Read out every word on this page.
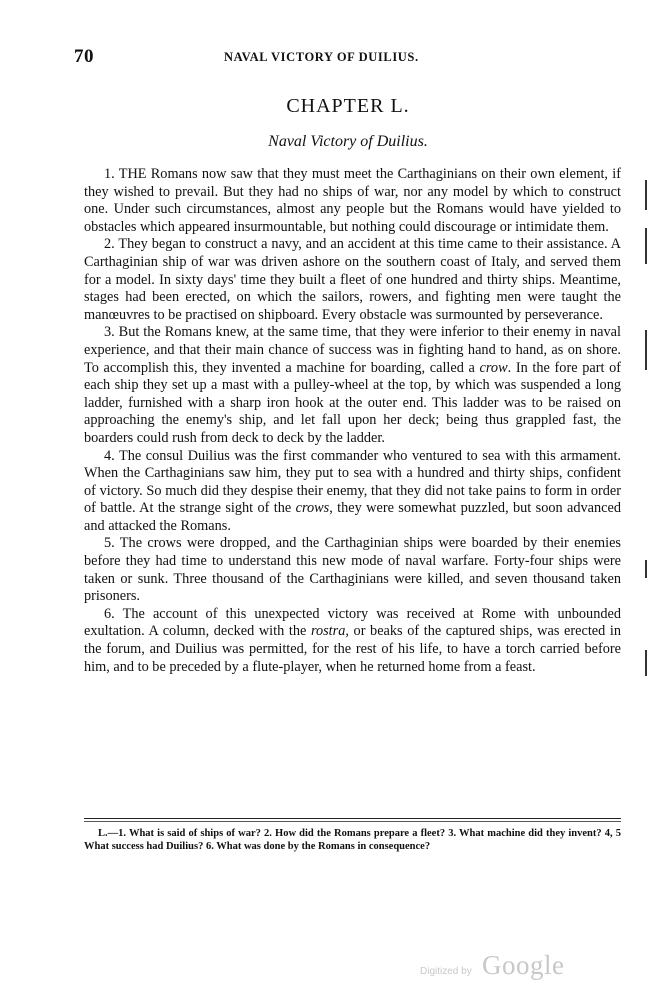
70	NAVAL VICTORY OF DUILIUS.
CHAPTER L.
Naval Victory of Duilius.

1. THE Romans now saw that they must meet the Carthaginians on their own element, if they wished to prevail. But they had no ships of war, nor any model by which to construct one. Under such circumstances, almost any people but the Romans would have yielded to obstacles which appeared insurmountable, but nothing could discourage or intimidate them.

2. They began to construct a navy, and an accident at this time came to their assistance. A Carthaginian ship of war was driven ashore on the southern coast of Italy, and served them for a model. In sixty days' time they built a fleet of one hundred and thirty ships. Meantime, stages had been erected, on which the sailors, rowers, and fighting men were taught the manœuvres to be practised on shipboard. Every obstacle was surmounted by perseverance.

3. But the Romans knew, at the same time, that they were inferior to their enemy in naval experience, and that their main chance of success was in fighting hand to hand, as on shore. To accomplish this, they invented a machine for boarding, called a crow. In the fore part of each ship they set up a mast with a pulley-wheel at the top, by which was suspended a long ladder, furnished with a sharp iron hook at the outer end. This ladder was to be raised on approaching the enemy's ship, and let fall upon her deck; being thus grappled fast, the boarders could rush from deck to deck by the ladder.

4. The consul Duilius was the first commander who ventured to sea with this armament. When the Carthaginians saw him, they put to sea with a hundred and thirty ships, confident of victory. So much did they despise their enemy, that they did not take pains to form in order of battle. At the strange sight of the crows, they were somewhat puzzled, but soon advanced and attacked the Romans.

5. The crows were dropped, and the Carthaginian ships were boarded by their enemies before they had time to understand this new mode of naval warfare. Forty-four ships were taken or sunk. Three thousand of the Carthaginians were killed, and seven thousand taken prisoners.

6. The account of this unexpected victory was received at Rome with unbounded exultation. A column, decked with the rostra, or beaks of the captured ships, was erected in the forum, and Duilius was permitted, for the rest of his life, to have a torch carried before him, and to be preceded by a flute-player, when he returned home from a feast.

L.—1. What is said of ships of war? 2. How did the Romans prepare a fleet? 3. What machine did they invent? 4, 5 What success had Duilius? 6. What was done by the Romans in consequence?
Digitized by Google
